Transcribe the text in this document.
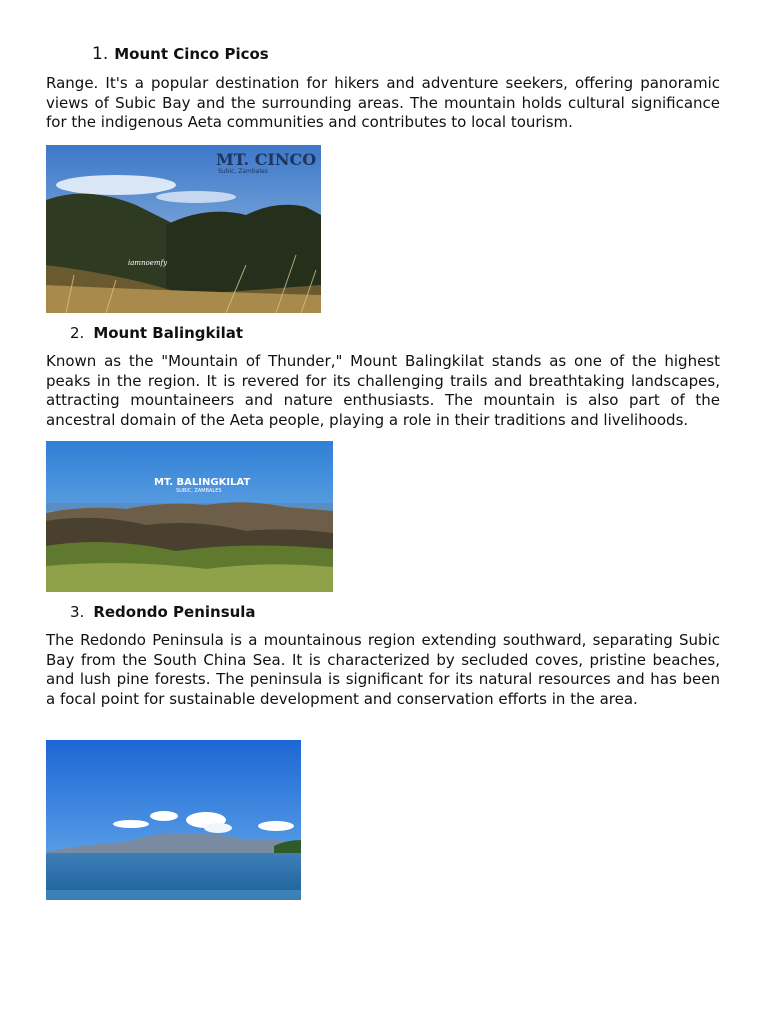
1. Mount Cinco Picos

Range. It's a popular destination for hikers and adventure seekers, offering panoramic views of Subic Bay and the surrounding areas. The mountain holds cultural significance for the indigenous Aeta communities and contributes to local tourism.

MT. CINCO
Subic, Zambales
iamnoemfy
2. Mount Balingkilat

Known as the "Mountain of Thunder," Mount Balingkilat stands as one of the highest peaks in the region. It is revered for its challenging trails and breathtaking landscapes, attracting mountaineers and nature enthusiasts. The mountain is also part of the ancestral domain of the Aeta people, playing a role in their traditions and livelihoods.

MT. BALINGKILAT
SUBIC, ZAMBALES
3. Redondo Peninsula

The Redondo Peninsula is a mountainous region extending southward, separating Subic Bay from the South China Sea. It is characterized by secluded coves, pristine beaches, and lush pine forests. The peninsula is significant for its natural resources and has been a focal point for sustainable development and conservation efforts in the area.
